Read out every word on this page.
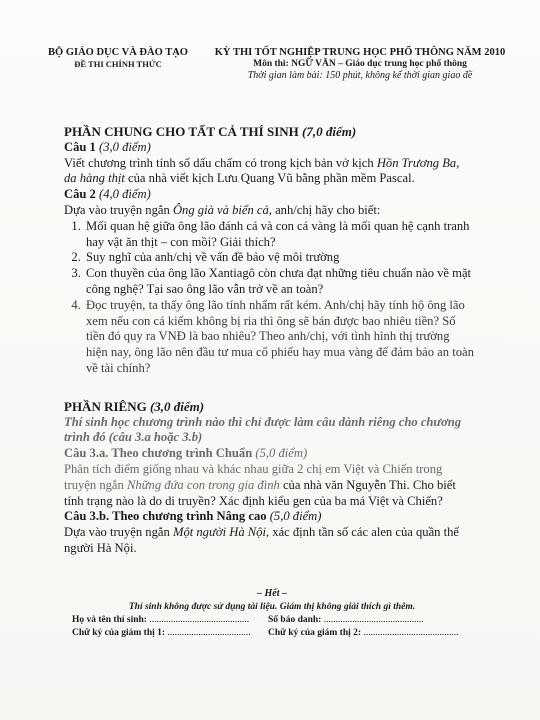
BỘ GIÁO DỤC VÀ ĐÀO TẠO
ĐỀ THI CHÍNH THỨC
KỲ THI TỐT NGHIỆP TRUNG HỌC PHỔ THÔNG NĂM 2010
Môn thi: NGỮ VĂN – Giáo dục trung học phổ thông
Thời gian làm bài: 150 phút, không kể thời gian giao đề
PHẦN CHUNG CHO TẤT CẢ THÍ SINH (7,0 điểm)
Câu 1 (3,0 điểm)
Viết chương trình tính số dấu chấm có trong kịch bản vở kịch Hồn Trương Ba, da hàng thịt của nhà viết kịch Lưu Quang Vũ bằng phần mềm Pascal.
Câu 2 (4,0 điểm)
Dựa vào truyện ngắn Ông già và biển cả, anh/chị hãy cho biết:
1. Mối quan hệ giữa ông lão đánh cá và con cá vàng là mối quan hệ cạnh tranh hay vật ăn thịt – con mồi? Giải thích?
2. Suy nghĩ của anh/chị về vấn đề bảo vệ môi trường
3. Con thuyền của ông lão Xantiagô còn chưa đạt những tiêu chuẩn nào về mặt công nghệ? Tại sao ông lão vẫn trở về an toàn?
4. Đọc truyện, ta thấy ông lão tính nhẩm rất kém. Anh/chị hãy tính hộ ông lão xem nếu con cá kiếm không bị ria thì ông sẽ bán được bao nhiêu tiền? Số tiền đó quy ra VNĐ là bao nhiêu? Theo anh/chị, với tình hình thị trường hiện nay, ông lão nên đầu tư mua cổ phiếu hay mua vàng để đảm bảo an toàn về tài chính?
PHẦN RIÊNG (3,0 điểm)
Thí sinh học chương trình nào thì chỉ được làm câu dành riêng cho chương trình đó (câu 3.a hoặc 3.b)
Câu 3.a. Theo chương trình Chuẩn (5,0 điểm)
Phân tích điểm giống nhau và khác nhau giữa 2 chị em Việt và Chiến trong truyện ngắn Những đứa con trong gia đình của nhà văn Nguyễn Thi. Cho biết tính trạng nào là do di truyền? Xác định kiểu gen của ba má Việt và Chiến?
Câu 3.b. Theo chương trình Nâng cao (5,0 điểm)
Dựa vào truyện ngắn Một người Hà Nội, xác định tần số các alen của quần thể người Hà Nội.
– Hết –
Thí sinh không được sử dụng tài liệu. Giám thị không giải thích gì thêm.
Họ và tên thí sinh: ..........................................	Số báo danh: ..........................................
Chữ ký của giám thị 1: ...................................	Chữ ký của giám thị 2: ........................................
